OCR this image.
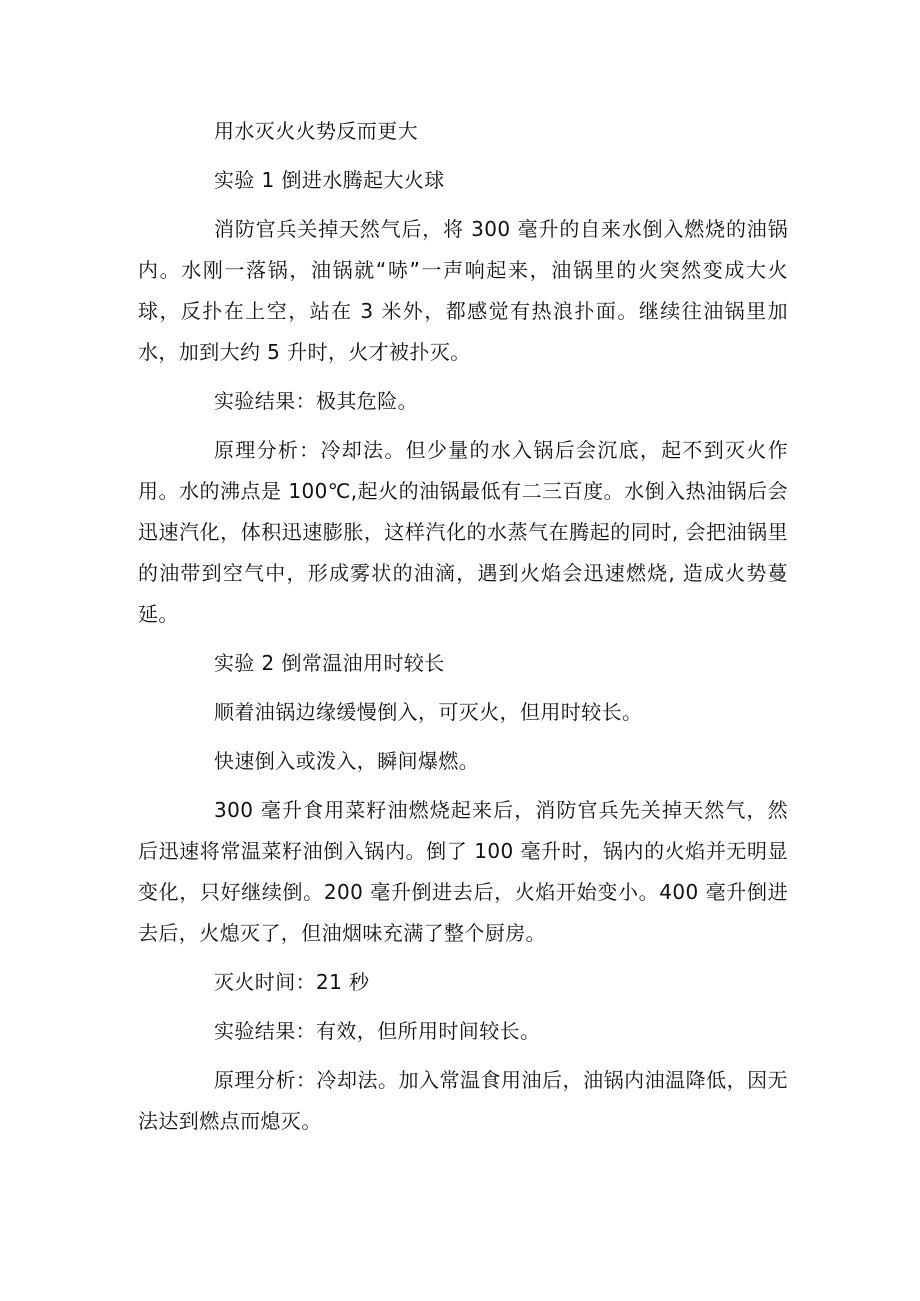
用水灭火火势反而更大

实验 1 倒进水腾起大火球

消防官兵关掉天然气后，将 300 毫升的自来水倒入燃烧的油锅内。水刚一落锅，油锅就“哧”一声响起来，油锅里的火突然变成大火球，反扑在上空，站在 3 米外，都感觉有热浪扑面。继续往油锅里加水，加到大约 5 升时，火才被扑灭。

实验结果：极其危险。

原理分析：冷却法。但少量的水入锅后会沉底，起不到灭火作用。水的沸点是 100℃,起火的油锅最低有二三百度。水倒入热油锅后会迅速汽化，体积迅速膨胀，这样汽化的水蒸气在腾起的同时, 会把油锅里的油带到空气中，形成雾状的油滴，遇到火焰会迅速燃烧, 造成火势蔓延。

实验 2 倒常温油用时较长

顺着油锅边缘缓慢倒入，可灭火，但用时较长。

快速倒入或泼入，瞬间爆燃。

300 毫升食用菜籽油燃烧起来后，消防官兵先关掉天然气，然后迅速将常温菜籽油倒入锅内。倒了 100 毫升时，锅内的火焰并无明显变化，只好继续倒。200 毫升倒进去后，火焰开始变小。400 毫升倒进去后，火熄灭了，但油烟味充满了整个厨房。

灭火时间：21 秒

实验结果：有效，但所用时间较长。

原理分析：冷却法。加入常温食用油后，油锅内油温降低，因无法达到燃点而熄灭。
